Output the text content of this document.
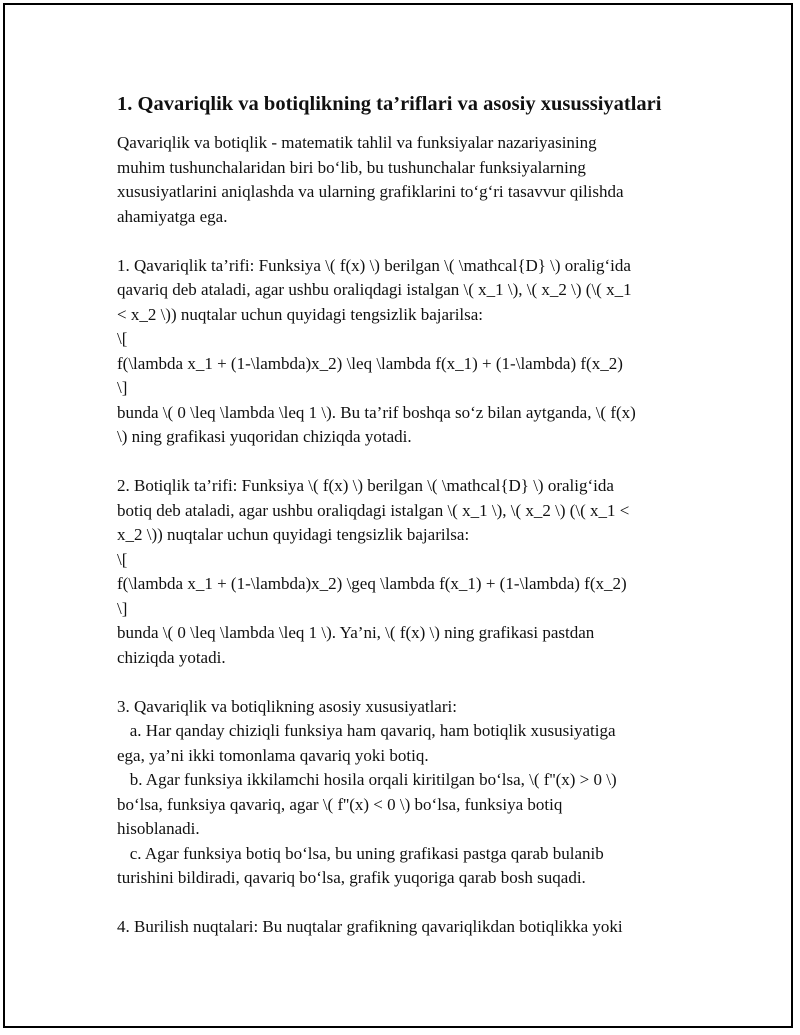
1. Qavariqlik va botiqlikning ta’riflari va asosiy xusussiyatlari
Qavariqlik va botiqlik - matematik tahlil va funksiyalar nazariyasining
muhim tushunchalaridan biri bo‘lib, bu tushunchalar funksiyalarning
xususiyatlarini aniqlashda va ularning grafiklarini to‘g‘ri tasavvur qilishda
ahamiyatga ega.
1. Qavariqlik ta’rifi: Funksiya \( f(x) \) berilgan \( \mathcal{D} \) oralig‘ida
qavariq deb ataladi, agar ushbu oraliqdagi istalgan \( x_1 \), \( x_2 \) (\( x_1
< x_2 \)) nuqtalar uchun quyidagi tengsizlik bajarilsa:
\[
f(\lambda x_1 + (1-\lambda)x_2) \leq \lambda f(x_1) + (1-\lambda) f(x_2)
\]
bunda \( 0 \leq \lambda \leq 1 \). Bu ta’rif boshqa so‘z bilan aytganda, \( f(x)
\) ning grafikasi yuqoridan chiziqda yotadi.
2. Botiqlik ta’rifi: Funksiya \( f(x) \) berilgan \( \mathcal{D} \) oralig‘ida
botiq deb ataladi, agar ushbu oraliqdagi istalgan \( x_1 \), \( x_2 \) (\( x_1 <
x_2 \)) nuqtalar uchun quyidagi tengsizlik bajarilsa:
\[
f(\lambda x_1 + (1-\lambda)x_2) \geq \lambda f(x_1) + (1-\lambda) f(x_2)
\]
bunda \( 0 \leq \lambda \leq 1 \). Ya’ni, \( f(x) \) ning grafikasi pastdan
chiziqda yotadi.
3. Qavariqlik va botiqlikning asosiy xususiyatlari:
a. Har qanday chiziqli funksiya ham qavariq, ham botiqlik xususiyatiga
ega, ya’ni ikki tomonlama qavariq yoki botiq.
b. Agar funksiya ikkilamchi hosila orqali kiritilgan bo‘lsa, \( f''(x) > 0 \)
bo‘lsa, funksiya qavariq, agar \( f''(x) < 0 \) bo‘lsa, funksiya botiq
hisoblanadi.
c. Agar funksiya botiq bo‘lsa, bu uning grafikasi pastga qarab bulanib
turishini bildiradi, qavariq bo‘lsa, grafik yuqoriga qarab bosh suqadi.
4. Burilish nuqtalari: Bu nuqtalar grafikning qavariqlikdan botiqlikka yoki
